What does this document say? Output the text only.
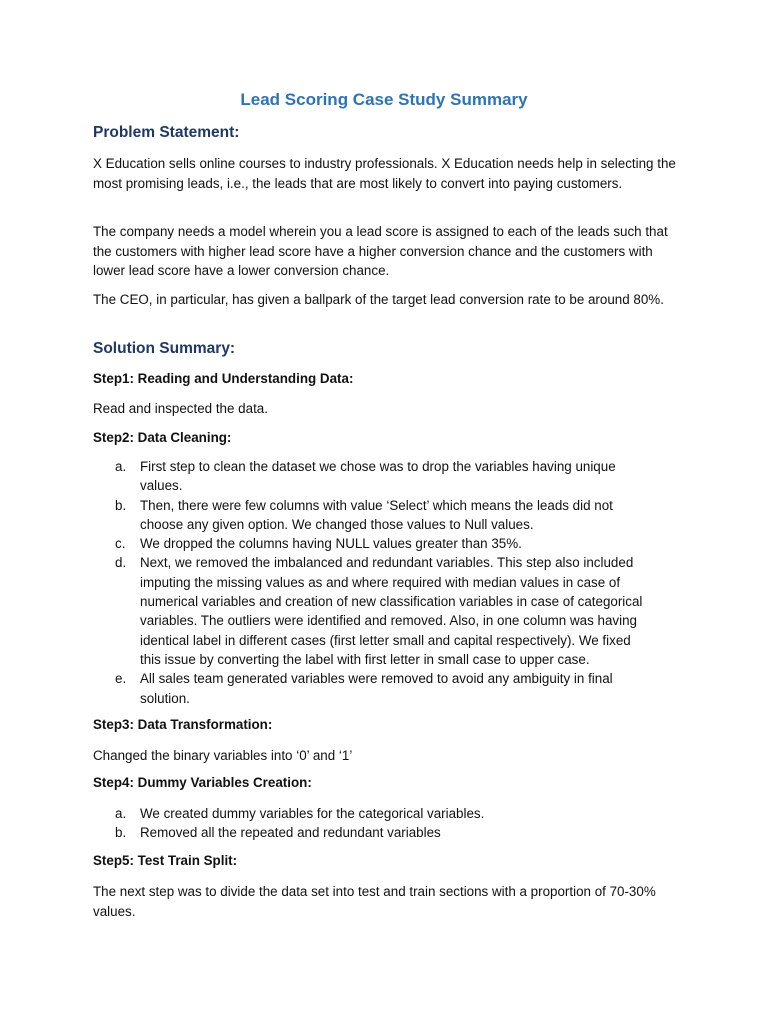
Lead Scoring Case Study Summary
Problem Statement:

X Education sells online courses to industry professionals. X Education needs help in selecting the most promising leads, i.e., the leads that are most likely to convert into paying customers.

The company needs a model wherein you a lead score is assigned to each of the leads such that the customers with higher lead score have a higher conversion chance and the customers with lower lead score have a lower conversion chance.

The CEO, in particular, has given a ballpark of the target lead conversion rate to be around 80%.

Solution Summary:

Step1: Reading and Understanding Data:

Read and inspected the data.

Step2: Data Cleaning:

a. First step to clean the dataset we chose was to drop the variables having unique values.
b. Then, there were few columns with value ‘Select’ which means the leads did not choose any given option. We changed those values to Null values.
c. We dropped the columns having NULL values greater than 35%.
d. Next, we removed the imbalanced and redundant variables. This step also included imputing the missing values as and where required with median values in case of numerical variables and creation of new classification variables in case of categorical variables. The outliers were identified and removed. Also, in one column was having identical label in different cases (first letter small and capital respectively). We fixed this issue by converting the label with first letter in small case to upper case.
e. All sales team generated variables were removed to avoid any ambiguity in final solution.

Step3: Data Transformation:

Changed the binary variables into ‘0’ and ‘1’

Step4: Dummy Variables Creation:

a. We created dummy variables for the categorical variables.
b. Removed all the repeated and redundant variables

Step5: Test Train Split:

The next step was to divide the data set into test and train sections with a proportion of 70-30% values.
